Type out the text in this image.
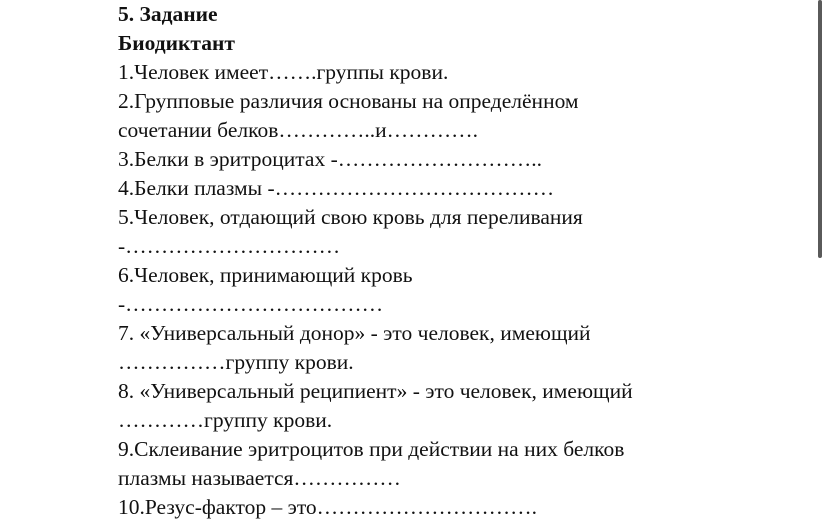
5. Задание

Биодиктант

1.Человек имеет…….группы крови.

2.Групповые различия основаны на определённом

сочетании белков…………..и………….

3.Белки в эритроцитах -………………………..

4.Белки плазмы -…………………………………

5.Человек, отдающий свою кровь для переливания

-…………………………

6.Человек, принимающий кровь

-………………………………

7. «Универсальный донор» - это человек, имеющий

……………группу крови.

8. «Универсальный реципиент» - это человек, имеющий

…………группу крови.

9.Склеивание эритроцитов при действии на них белков

плазмы называется……………

10.Резус-фактор – это………………………….
